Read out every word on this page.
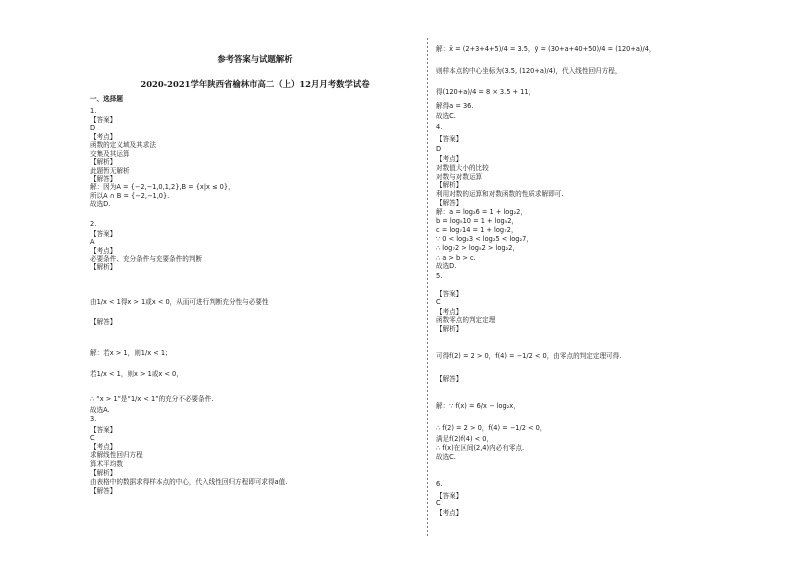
参考答案与试题解析
2020-2021学年陕西省榆林市高二（上）12月月考数学试卷
一、选择题
1.
【答案】
D
【考点】
函数的定义域及其求法
交集及其运算
【解析】
此题暂无解析
【解答】
解：因为A = {−2,−1,0,1,2},B = {x|x ≤ 0}，
所以A ∩ B = {−2,−1,0}.
故选D.
2.
【答案】
A
【考点】
必要条件、充分条件与充要条件的判断
【解析】
由1/x < 1得x > 1或x < 0，从而可进行判断充分性与必要性
【解答】
解：若x > 1，则1/x < 1；
若1/x < 1，则x > 1或x < 0，
∴ “x > 1”是“1/x < 1”的充分不必要条件.
故选A.
3.
【答案】
C
【考点】
求解线性回归方程
算术平均数
【解析】
由表格中的数据求得样本点的中心，代入线性回归方程即可求得a值.
【解答】
解：x̄ = (2+3+4+5)/4 = 3.5，ȳ = (30+a+40+50)/4 = (120+a)/4，
则样本点的中心坐标为(3.5, (120+a)/4)，代入线性回归方程，
得(120+a)/4 = 8 × 3.5 + 11，
解得a = 36.
故选C.
4.
【答案】
D
【考点】
对数值大小的比较
对数与对数运算
【解析】
利用对数的运算和对数函数的性质求解即可.
【解答】
解：a = log₂6 = 1 + log₂2，
b = log₅10 = 1 + log₅2，
c = log₇14 = 1 + log₇2，
∵ 0 < log₂3 < log₂5 < log₂7，
∴ log₇2 > log₅2 > log₂2，
∴ a > b > c.
故选D.
5.
【答案】
C
【考点】
函数零点的判定定理
【解析】
可得f(2) = 2 > 0，f(4) = −1/2 < 0，由零点的判定定理可得.
【解答】
解：∵ f(x) = 6/x − log₂x，
∴ f(2) = 2 > 0，f(4) = −1/2 < 0，
满足f(2)f(4) < 0，
∴ f(x)在区间(2,4)内必有零点.
故选C.
6.
【答案】
C
【考点】
